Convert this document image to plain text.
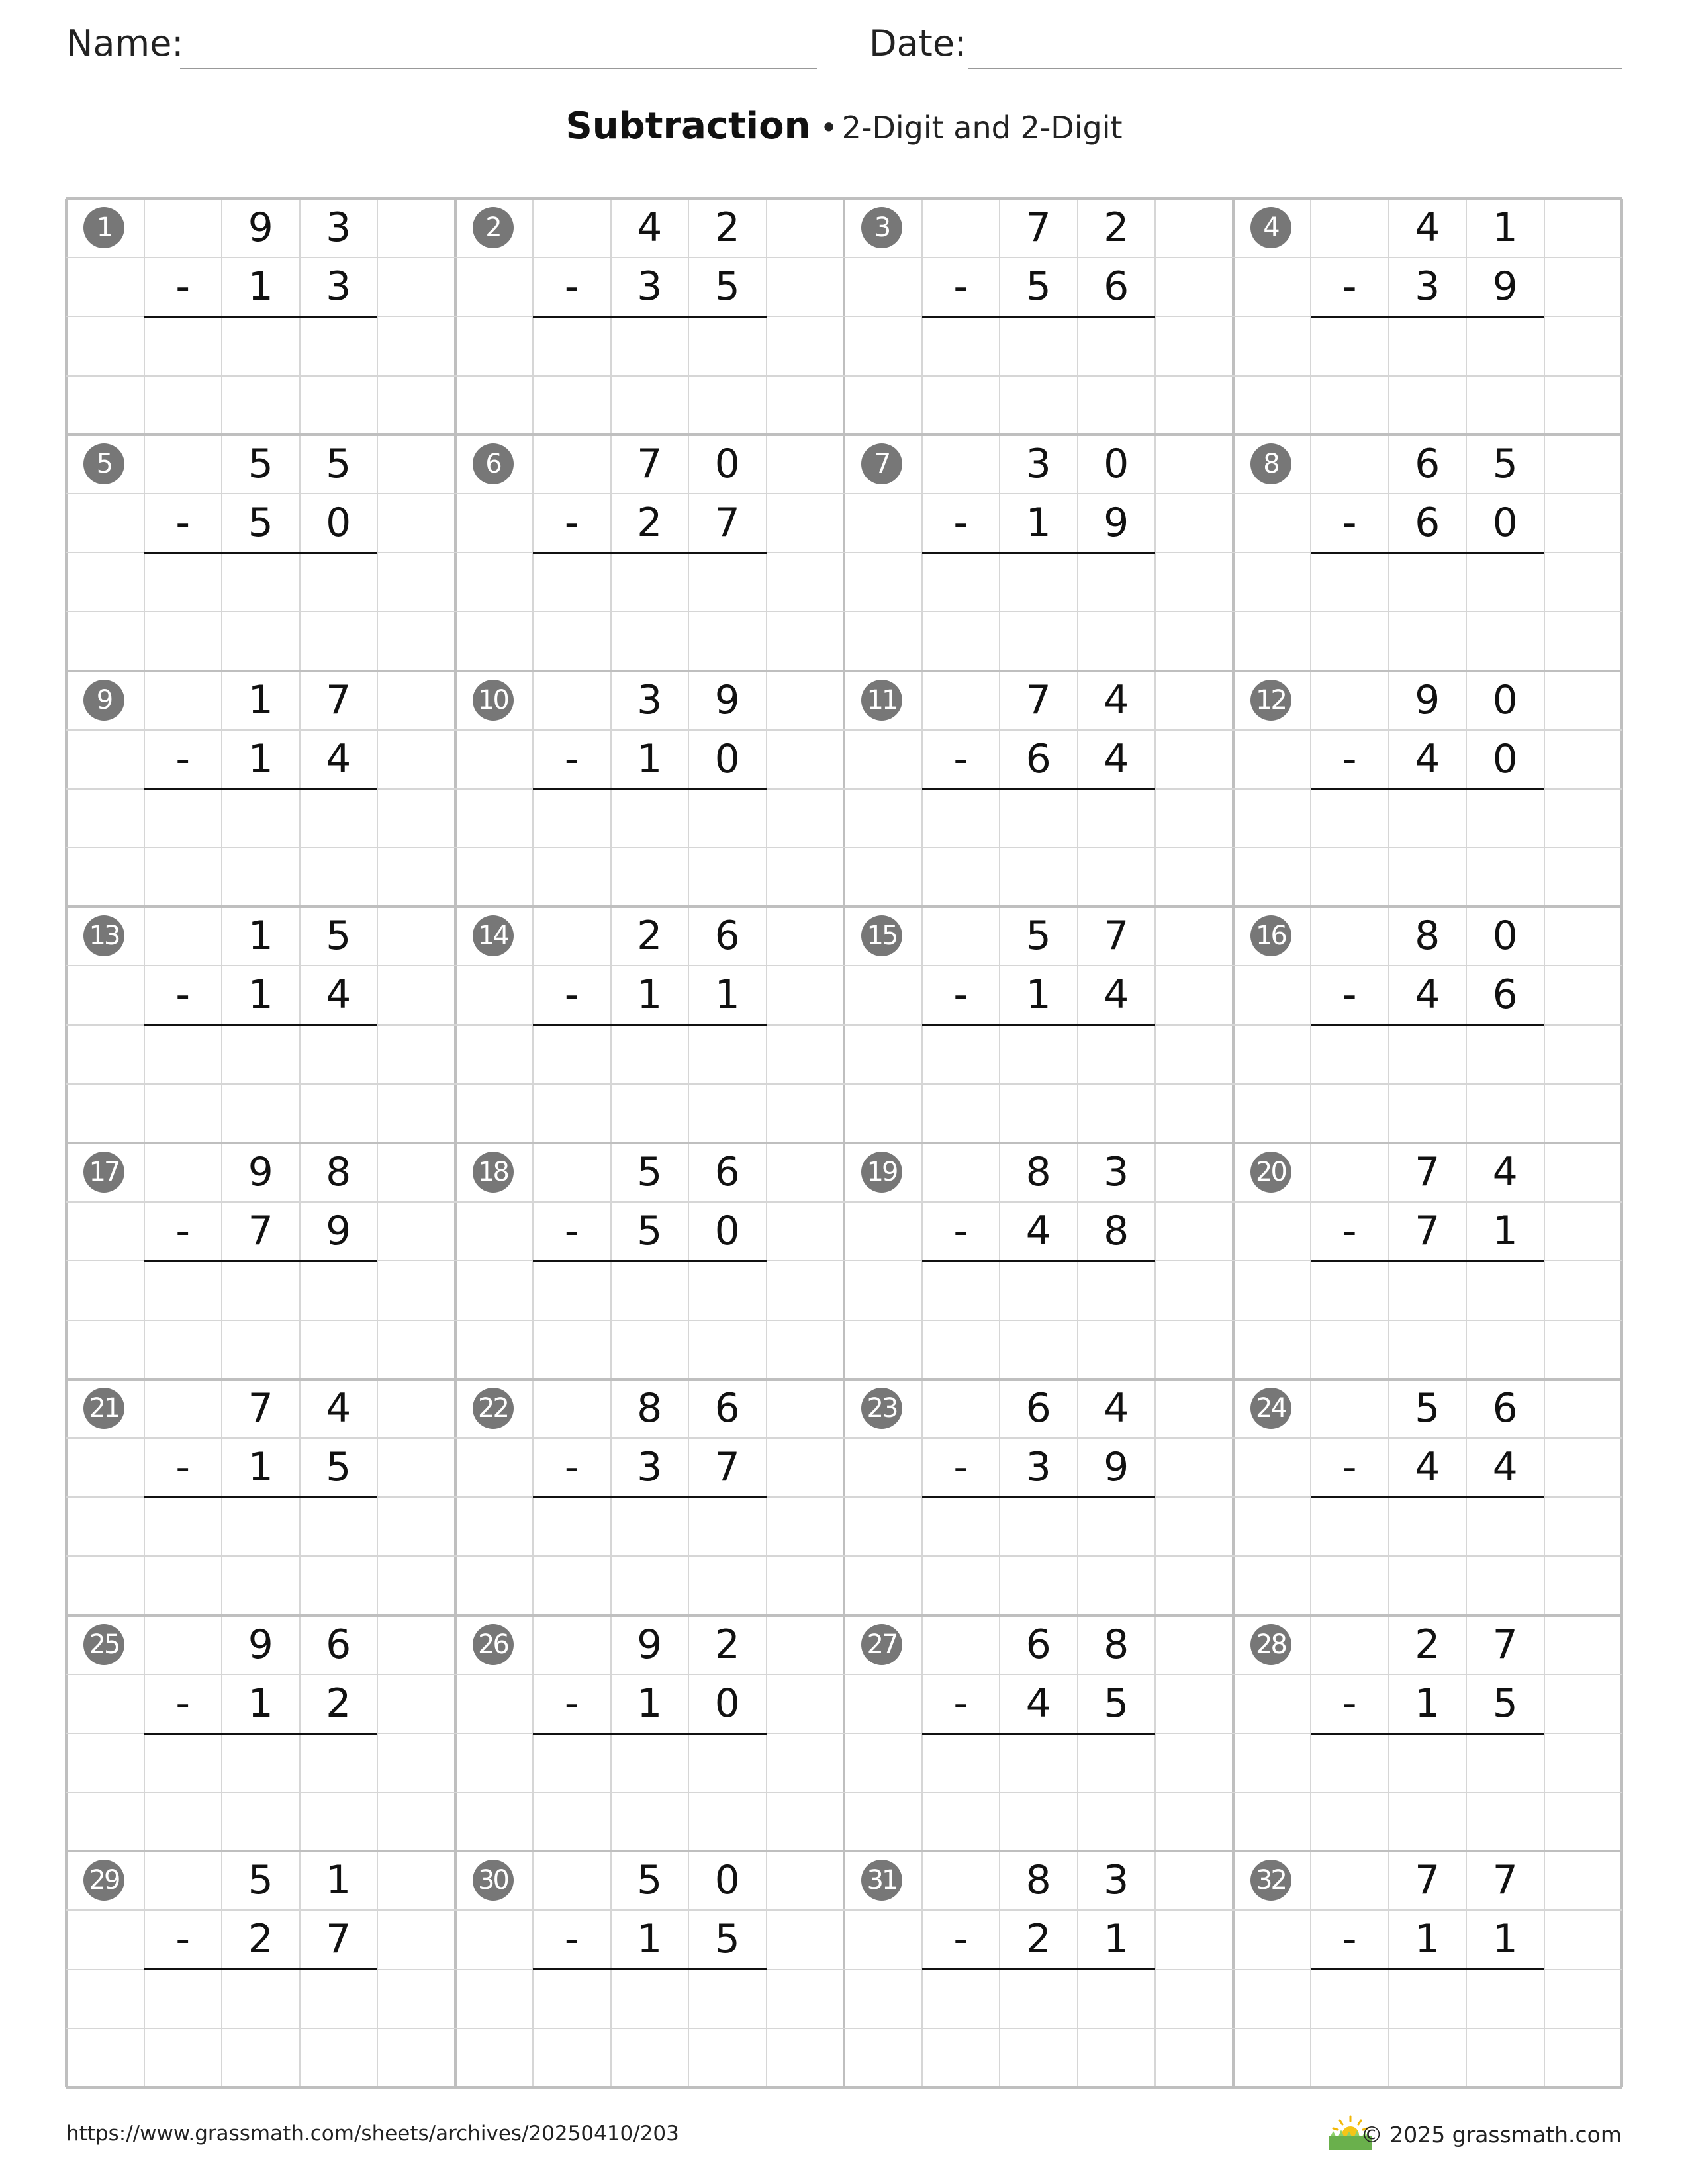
Name:	Date:
Subtraction • 2-Digit and 2-Digit
1	9	3
-	1	3
2	4	2
-	3	5
3	7	2
-	5	6
4	4	1
-	3	9
5	5	5
-	5	0
6	7	0
-	2	7
7	3	0
-	1	9
8	6	5
-	6	0
9	1	7
-	1	4
10	3	9
-	1	0
11	7	4
-	6	4
12	9	0
-	4	0
13	1	5
-	1	4
14	2	6
-	1	1
15	5	7
-	1	4
16	8	0
-	4	6
17	9	8
-	7	9
18	5	6
-	5	0
19	8	3
-	4	8
20	7	4
-	7	1
21	7	4
-	1	5
22	8	6
-	3	7
23	6	4
-	3	9
24	5	6
-	4	4
25	9	6
-	1	2
26	9	2
-	1	0
27	6	8
-	4	5
28	2	7
-	1	5
29	5	1
-	2	7
30	5	0
-	1	5
31	8	3
-	2	1
32	7	7
-	1	1
https://www.grassmath.com/sheets/archives/20250410/203	© 2025 grassmath.com
